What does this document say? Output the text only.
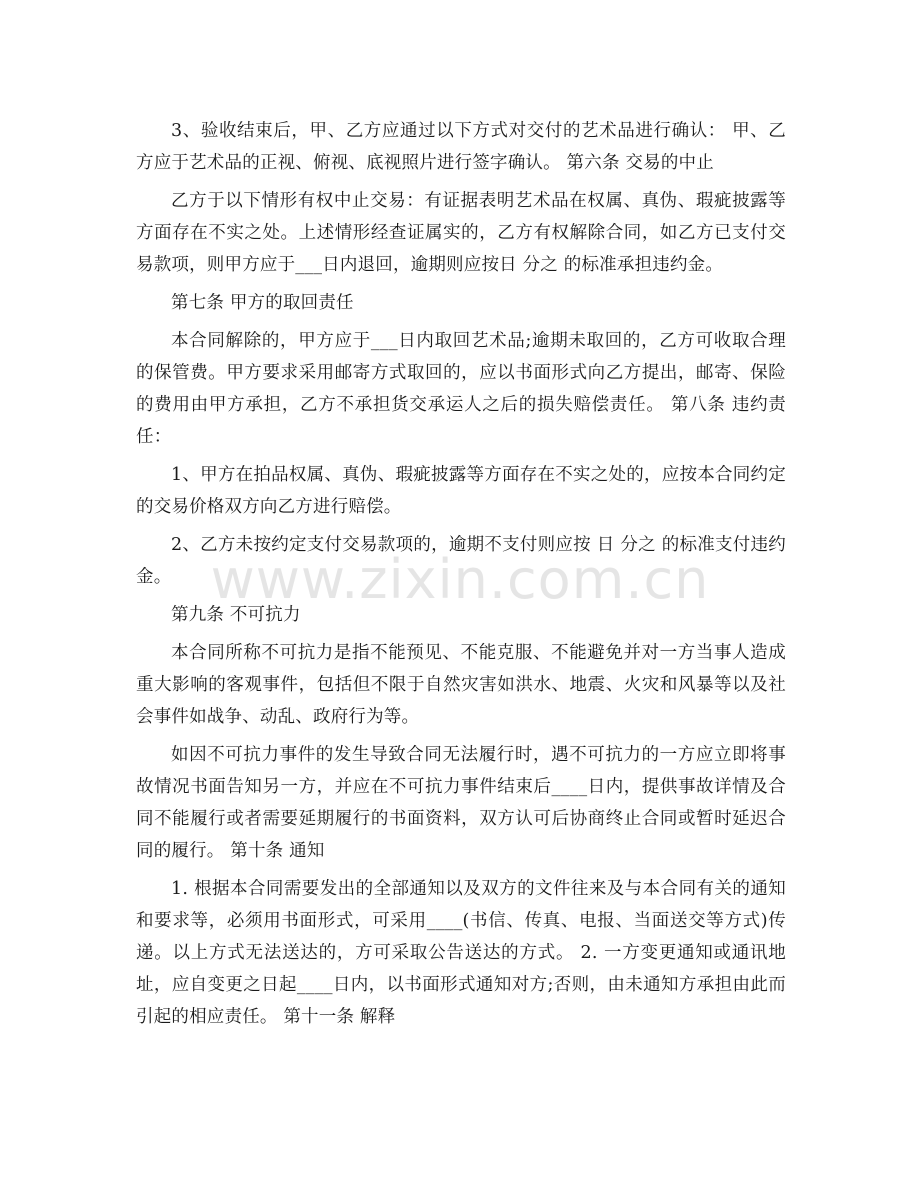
3、验收结束后，甲、乙方应通过以下方式对交付的艺术品进行确认： 甲、乙方应于艺术品的正视、俯视、底视照片进行签字确认。 第六条 交易的中止

乙方于以下情形有权中止交易：有证据表明艺术品在权属、真伪、瑕疵披露等方面存在不实之处。上述情形经查证属实的，乙方有权解除合同，如乙方已支付交易款项，则甲方应于___日内退回，逾期则应按日 分之 的标准承担违约金。

第七条 甲方的取回责任

本合同解除的，甲方应于___日内取回艺术品;逾期未取回的，乙方可收取合理的保管费。甲方要求采用邮寄方式取回的，应以书面形式向乙方提出，邮寄、保险的费用由甲方承担，乙方不承担货交承运人之后的损失赔偿责任。 第八条 违约责任：

1、甲方在拍品权属、真伪、瑕疵披露等方面存在不实之处的，应按本合同约定的交易价格双方向乙方进行赔偿。

2、乙方未按约定支付交易款项的，逾期不支付则应按 日 分之 的标准支付违约金。

第九条 不可抗力

本合同所称不可抗力是指不能预见、不能克服、不能避免并对一方当事人造成重大影响的客观事件，包括但不限于自然灾害如洪水、地震、火灾和风暴等以及社会事件如战争、动乱、政府行为等。

如因不可抗力事件的发生导致合同无法履行时，遇不可抗力的一方应立即将事故情况书面告知另一方，并应在不可抗力事件结束后____日内，提供事故详情及合同不能履行或者需要延期履行的书面资料，双方认可后协商终止合同或暂时延迟合同的履行。 第十条 通知

1. 根据本合同需要发出的全部通知以及双方的文件往来及与本合同有关的通知和要求等，必须用书面形式，可采用____(书信、传真、电报、当面送交等方式)传递。以上方式无法送达的，方可采取公告送达的方式。 2. 一方变更通知或通讯地址，应自变更之日起____日内，以书面形式通知对方;否则，由未通知方承担由此而引起的相应责任。 第十一条 解释

www.zixin.com.cn
